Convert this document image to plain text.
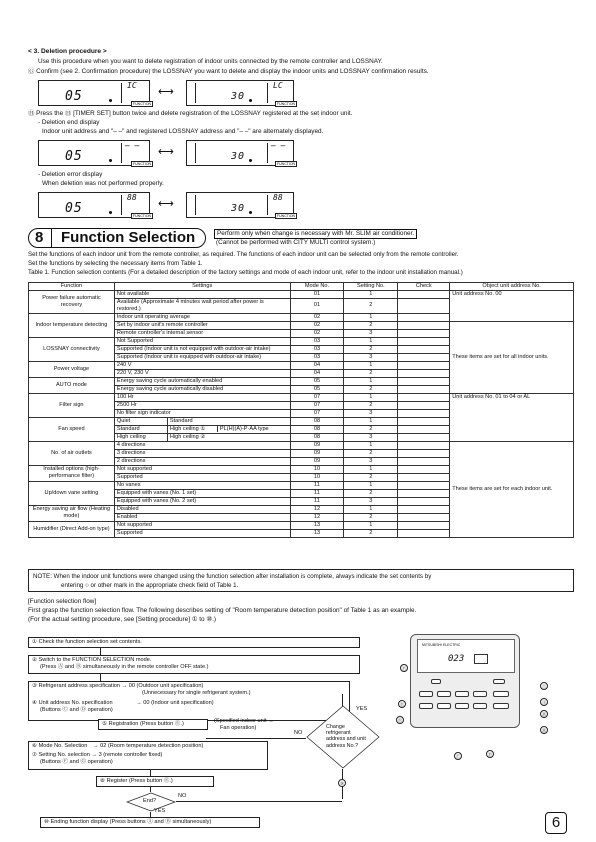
< 3. Deletion procedure >
Use this procedure when you want to delete registration of indoor units connected by the remote controller and LOSSNAY.
Ⓖ Confirm (see 2. Confirmation procedure) the LOSSNAY you want to delete and display the indoor units and LOSSNAY confirmation results.
05
IC
FUNCTION
⟷	30
LC
FUNCTION
Ⓗ Press the Ⓗ [TIMER SET] button twice and delete registration of the LOSSNAY registered at the set indoor unit.
- Deletion end display
Indoor unit address and "– –" and registered LOSSNAY address and "– –" are alternately displayed.
05
– –
FUNCTION
⟷	30
– –
FUNCTION
- Deletion error display
When deletion was not performed properly.
05
88
FUNCTION
⟷	30
88
FUNCTION
8 Function Selection	Perform only when change is necessary with Mr. SLIM air conditioner.
(Cannot be performed with CITY MULTI control system.)
Set the functions of each indoor unit from the remote controller, as required. The functions of each indoor unit can be selected only from the remote controller.
Set the functions by selecting the necessary items from Table 1.
Table 1. Function selection contents (For a detailed description of the factory settings and mode of each indoor unit, refer to the indoor unit installation manual.)
Function	Settings	Mode No.	Setting No.	Check	Object unit address No.
Power failure automatic recovery	Not available	01	1		Unit address No. 00
	Available (Approximate 4 minutes wait period after power is restored.)	01	2		
Indoor temperature detecting	Indoor unit operating average	02	1		
	Set by indoor unit's remote controller	02	2		These items are set for all indoor units.
	Remote controller's internal sensor	02	3		
LOSSNAY connectivity	Not Supported	03	1		
	Supported (Indoor unit is not equipped with outdoor-air intake)	03	2		
	Supported (Indoor unit is equipped with outdoor-air intake)	03	3		
Power voltage	240 V	04	1		
	220 V, 230 V	04	2		
AUTO mode	Energy saving cycle automatically enabled	05	1		
	Energy saving cycle automatically disabled	05	2		
Filter sign	100 Hr	07	1		Unit address No. 01 to 04 or AL
	2500 Hr	07	2		
	No filter sign indicator	07	3		
Fan speed	Quiet Standard	08	1		
	Standard High ceiling ① PL(H)(A)-P·AA type	08	2		
	High ceiling High ceiling ②	08	3		
No. of air outlets	4 directions	09	1		These items are set for each indoor unit.
	3 directions	09	2		
	2 directions	09	3		
Installed options (high-performance filter)	Not supported	10	1		
	Supported	10	2		
Up/down vane setting	No vanes	11	1		
	Equipped with vanes (No. 1 set)	11	2		
	Equipped with vanes (No. 2 set)	11	3		
Energy saving air flow (Heating mode)	Disabled	12	1		
	Enabled	12	2		
Humidifier (Direct Add-on type)	Not supported	13	1		
	Supported	13	2		
NOTE: When the indoor unit functions were changed using the function selection after installation is complete, always indicate the set contents by
entering ○ or other mark in the appropriate check field of Table 1.
[Function selection flow]
First grasp the function selection flow. The following describes setting of "Room temperature detection position" of Table 1 as an example.
(For the actual setting procedure, see [Setting procedure] ① to ⑩.)
① Check the function selection set contents.
② Switch to the FUNCTION SELECTION mode.
(Press Ⓐ and Ⓑ simultaneously in the remote controller OFF state.)
③ Refrigerant address specification → 00 (Outdoor unit specification)
(Unnecessary for single refrigerant system.)
④ Unit address No. specification	→ 00 (Indoor unit specification)
(Buttons Ⓒ and Ⓓ operation)
⑤ Registration (Press button Ⓔ.)	(Specified indoor unit →
Fan operation)
YES
NO
Change
refrigerant
address and unit
address No.?
⑨
⑥ Mode No. Selection → 02 (Room temperature detection position)
⑦ Setting No. selection → 3 (remote controller fixed)
(Buttons Ⓕ and Ⓖ operation)
⑧ Register (Press button Ⓔ.)
End?
NO
YES
⑩ Ending function display (Press buttons Ⓐ and Ⓑ simultaneously)
MITSUBISHI ELECTRIC
023
Ⓕ
Ⓔ
Ⓖ
Ⓒ	Ⓓ
Ⓗ
Ⓐ
Ⓑ
Ⓘ
6
